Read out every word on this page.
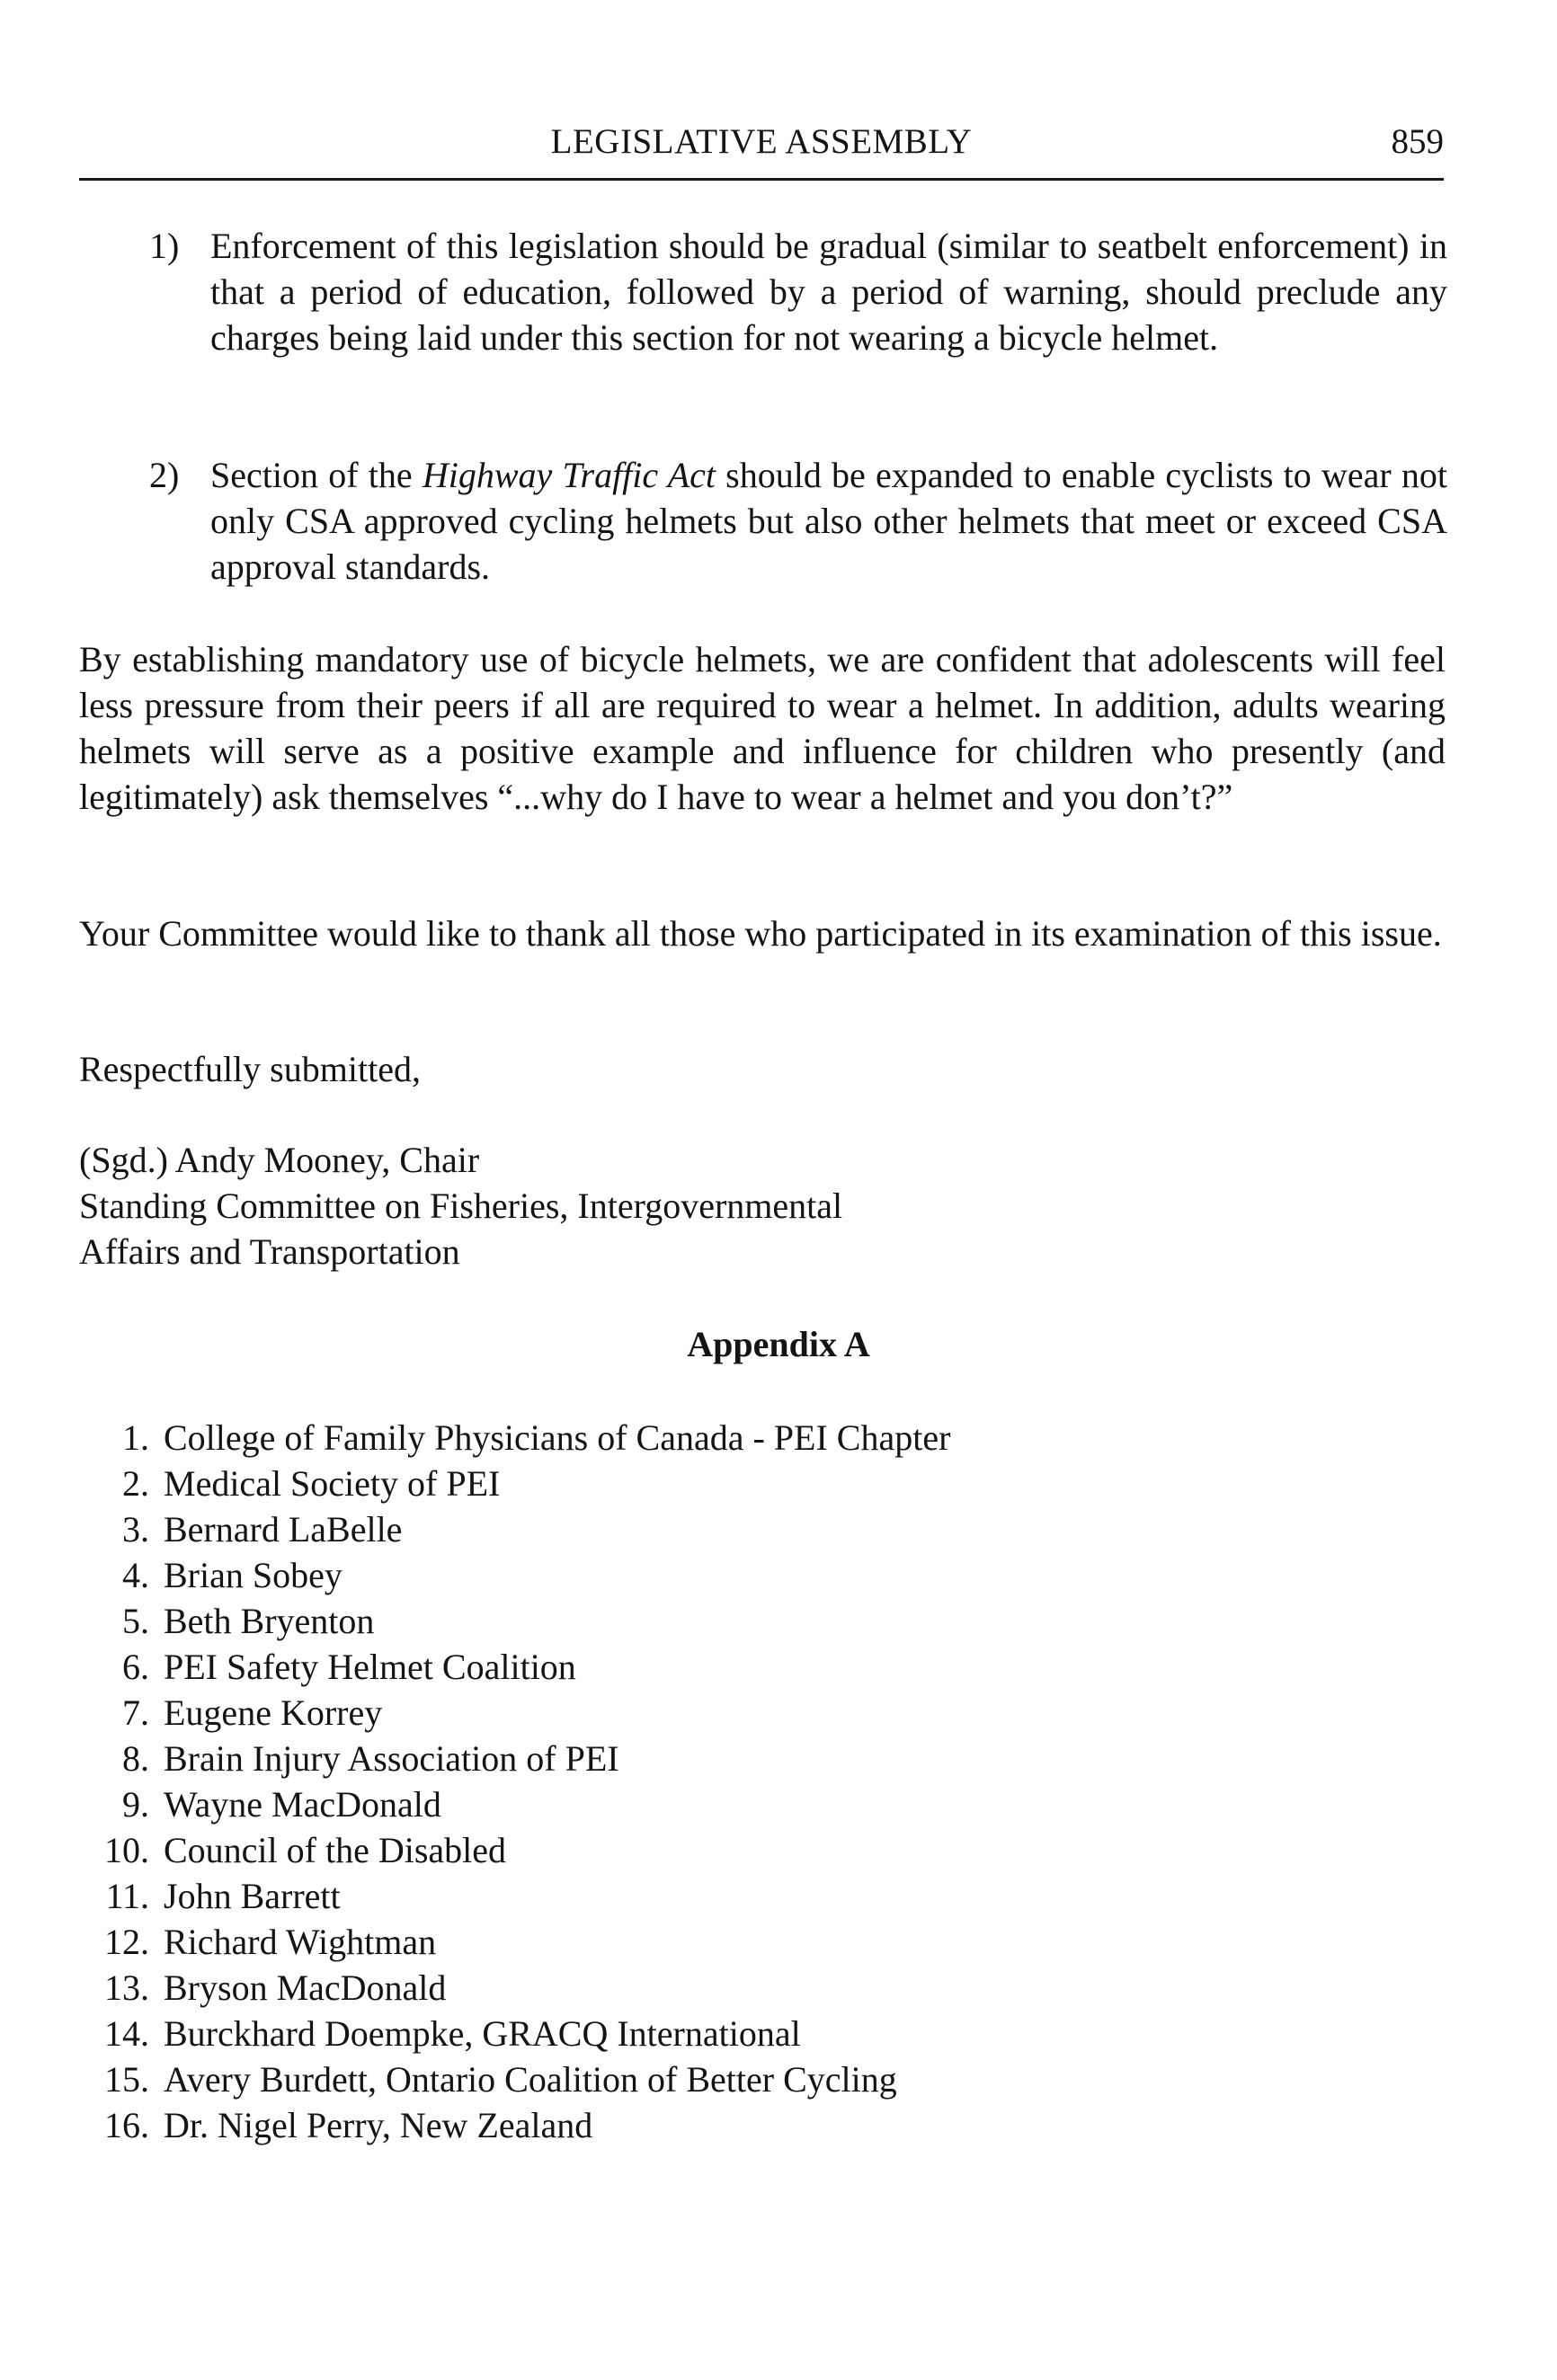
LEGISLATIVE ASSEMBLY	859
1) Enforcement of this legislation should be gradual (similar to seatbelt enforcement) in that a period of education, followed by a period of warning, should preclude any charges being laid under this section for not wearing a bicycle helmet.
2) Section of the Highway Traffic Act should be expanded to enable cyclists to wear not only CSA approved cycling helmets but also other helmets that meet or exceed CSA approval standards.
By establishing mandatory use of bicycle helmets, we are confident that adolescents will feel less pressure from their peers if all are required to wear a helmet. In addition, adults wearing helmets will serve as a positive example and influence for children who presently (and legitimately) ask themselves “...why do I have to wear a helmet and you don’t?”
Your Committee would like to thank all those who participated in its examination of this issue.
Respectfully submitted,
(Sgd.) Andy Mooney, Chair
Standing Committee on Fisheries, Intergovernmental
Affairs and Transportation
Appendix A
1. College of Family Physicians of Canada - PEI Chapter
2. Medical Society of PEI
3. Bernard LaBelle
4. Brian Sobey
5. Beth Bryenton
6. PEI Safety Helmet Coalition
7. Eugene Korrey
8. Brain Injury Association of PEI
9. Wayne MacDonald
10. Council of the Disabled
11. John Barrett
12. Richard Wightman
13. Bryson MacDonald
14. Burckhard Doempke, GRACQ International
15. Avery Burdett, Ontario Coalition of Better Cycling
16. Dr. Nigel Perry, New Zealand
